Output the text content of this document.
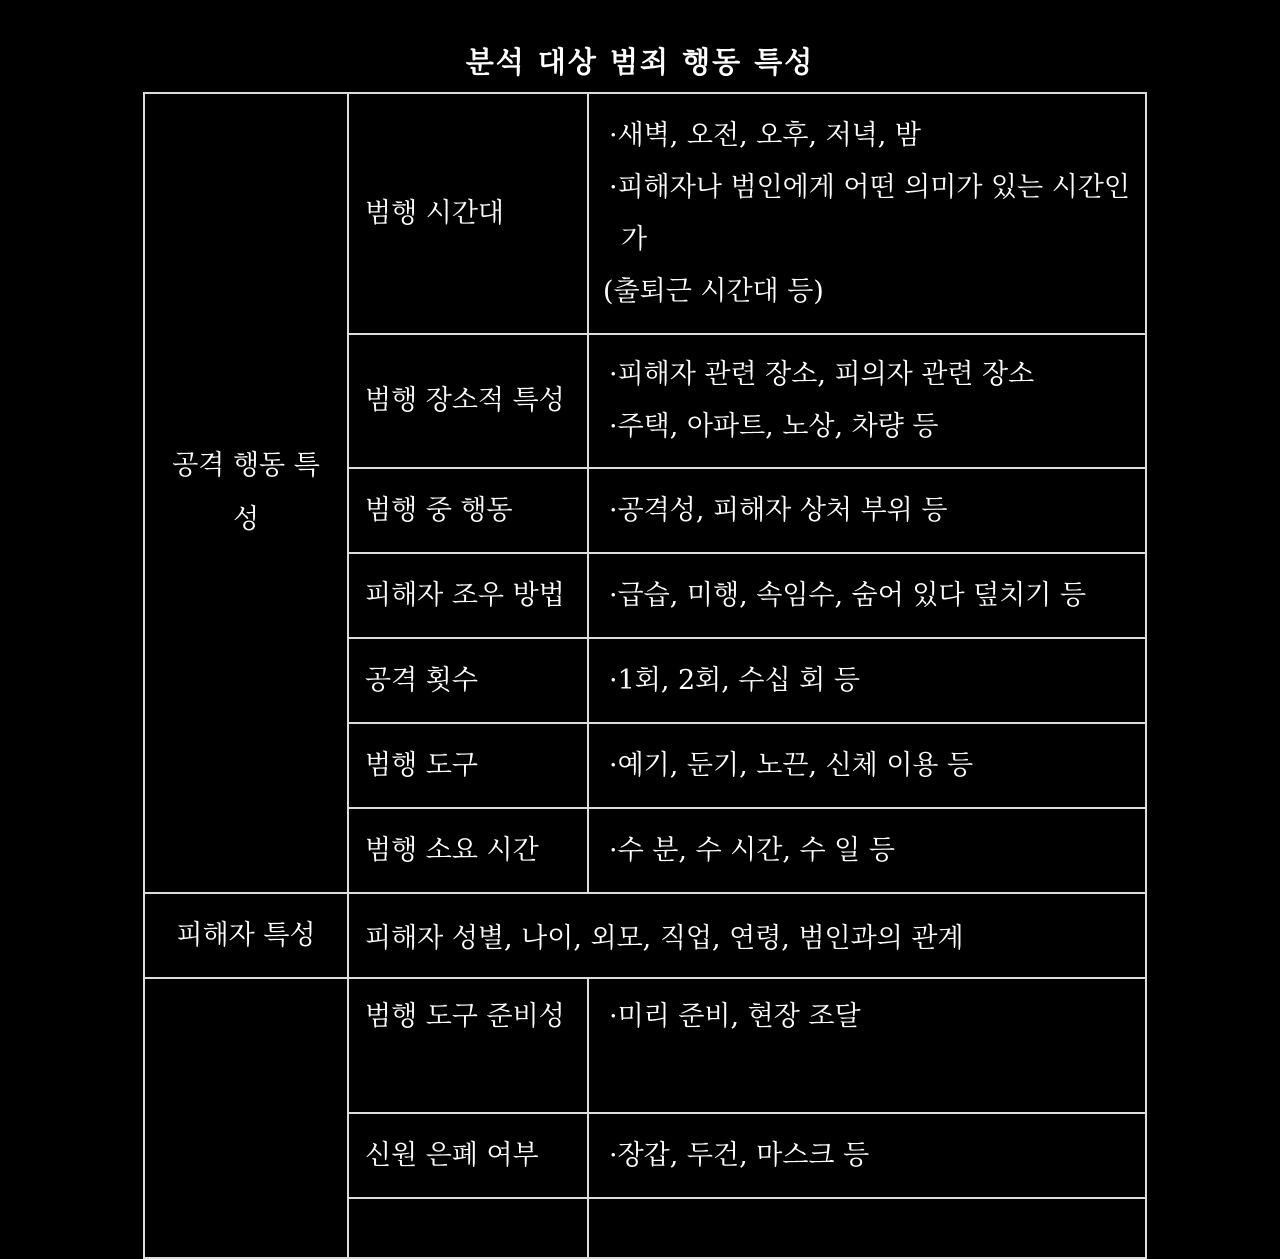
분석 대상 범죄 행동 특성
공격 행동 특성	범행 시간대	·새벽, 오전, 오후, 저녁, 밤
·피해자나 범인에게 어떤 의미가 있는 시간인가
(출퇴근 시간대 등)

	범행 장소적 특성	·피해자 관련 장소, 피의자 관련 장소
·주택, 아파트, 노상, 차량 등

	범행 중 행동	·공격성, 피해자 상처 부위 등

	피해자 조우 방법	·급습, 미행, 속임수, 숨어 있다 덮치기 등

	공격 횟수	·1회, 2회, 수십 회 등

	범행 도구	·예기, 둔기, 노끈, 신체 이용 등

	범행 소요 시간	·수 분, 수 시간, 수 일 등

피해자 특성	피해자 성별, 나이, 외모, 직업, 연령, 범인과의 관계	
	범행 도구 준비성	·미리 준비, 현장 조달

	신원 은폐 여부	·장갑, 두건, 마스크 등
